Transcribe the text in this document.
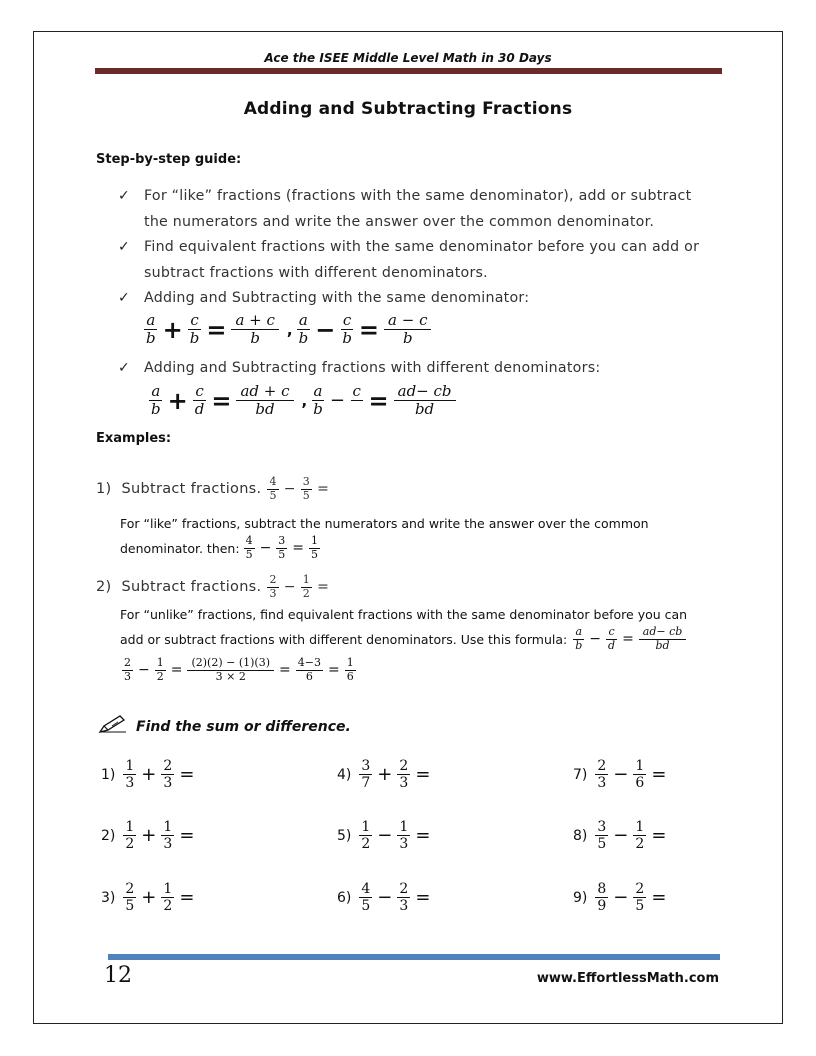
Ace the ISEE Middle Level Math in 30 Days
Adding and Subtracting Fractions
Step-by-step guide:
✓ For “like” fractions (fractions with the same denominator), add or subtract
the numerators and write the answer over the common denominator.
✓ Find equivalent fractions with the same denominator before you can add or
subtract fractions with different denominators.
✓ Adding and Subtracting with the same denominator:
$\frac{a}{b} + \frac{c}{b} = \frac{a + c}{b}$ , $\frac{a}{b} - \frac{c}{b} = \frac{a - c}{b}$
✓ Adding and Subtracting fractions with different denominators:
$\frac{a}{b} + \frac{c}{d} = \frac{ad + c}{bd}$ , $\frac{a}{b} - c = \frac{ad- cb}{bd}$
Examples:
1) Subtract fractions. $\frac{4}{5} - \frac{3}{5}$ =
For “like” fractions, subtract the numerators and write the answer over the common
denominator. then: $\frac{4}{5} - \frac{3}{5} = \frac{1}{5}$
2) Subtract fractions. $\frac{2}{3} - \frac{1}{2}$ =
For “unlike” fractions, find equivalent fractions with the same denominator before you can
add or subtract fractions with different denominators. Use this formula: $\frac{a}{b} - \frac{c}{d} = \frac{ad- cb}{bd}$
$\frac{2}{3} - \frac{1}{2} = \frac{(2)(2) - (1)(3)}{3 \times 2} = \frac{4-3}{6} = \frac{1}{6}$
Find the sum or difference.
$1) \frac{1}{3} + \frac{2}{3}$ =	$4) \frac{3}{7} + \frac{2}{3}$ =	$7) \frac{2}{3} - \frac{1}{6}$ =
$2) \frac{1}{2} + \frac{1}{3}$ =	$5) \frac{1}{2} - \frac{1}{3}$ =	$8) \frac{3}{5} - \frac{1}{2}$ =
$3) \frac{2}{5} + \frac{1}{2}$ =	$6) \frac{4}{5} - \frac{2}{3}$ =	$9) \frac{8}{9} - \frac{2}{5}$ =
12	www.EffortlessMath.com
